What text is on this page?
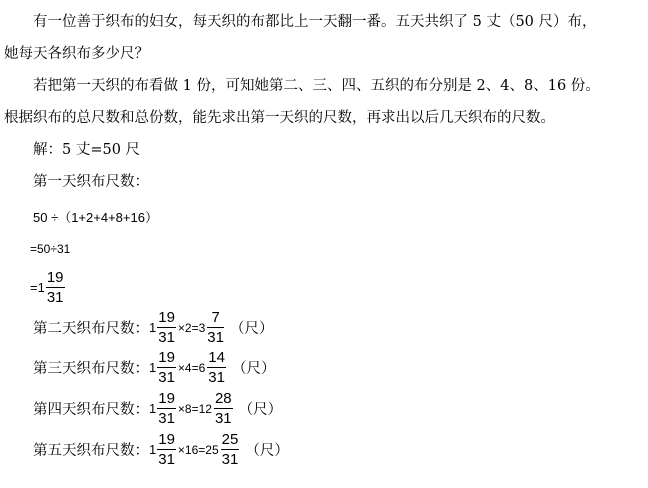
有一位善于织布的妇女，每天织的布都比上一天翻一番。五天共织了 5 丈（50 尺）布，
她每天各织布多少尺？
若把第一天织的布看做 1 份，可知她第二、三、四、五织的布分别是 2、4、8、16 份。
根据织布的总尺数和总份数，能先求出第一天织的尺数，再求出以后几天织布的尺数。
解：5 丈=50 尺
第一天织布尺数：
50 ÷（1+2+4+8+16）
=50÷31
$=1 \frac{19}{31}$
第二天织布尺数： $1 \frac{19}{31} \times 2=3 \frac{7}{31}$ （尺）
第三天织布尺数： $1 \frac{19}{31} \times 4=6 \frac{14}{31}$ （尺）
第四天织布尺数： $1 \frac{19}{31} \times 8=12 \frac{28}{31}$ （尺）
第五天织布尺数： $1 \frac{19}{31} \times 16=25 \frac{25}{31}$ （尺）
